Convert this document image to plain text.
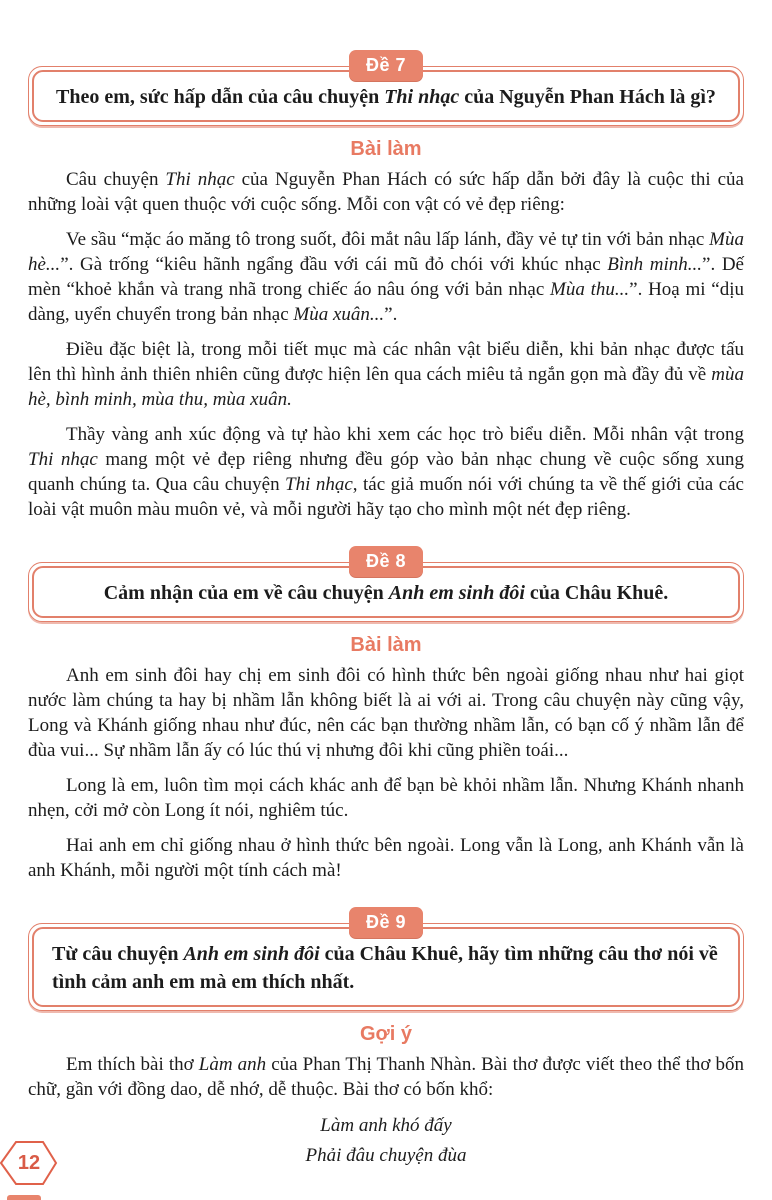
Đề 7

Theo em, sức hấp dẫn của câu chuyện Thi nhạc của Nguyễn Phan Hách là gì?

Bài làm

Câu chuyện Thi nhạc của Nguyễn Phan Hách có sức hấp dẫn bởi đây là cuộc thi của những loài vật quen thuộc với cuộc sống. Mỗi con vật có vẻ đẹp riêng:

Ve sầu “mặc áo măng tô trong suốt, đôi mắt nâu lấp lánh, đầy vẻ tự tin với bản nhạc Mùa hè...”. Gà trống “kiêu hãnh ngẩng đầu với cái mũ đỏ chói với khúc nhạc Bình minh...”. Dế mèn “khoẻ khắn và trang nhã trong chiếc áo nâu óng với bản nhạc Mùa thu...”. Hoạ mi “dịu dàng, uyển chuyển trong bản nhạc Mùa xuân...”.

Điều đặc biệt là, trong mỗi tiết mục mà các nhân vật biểu diễn, khi bản nhạc được tấu lên thì hình ảnh thiên nhiên cũng được hiện lên qua cách miêu tả ngắn gọn mà đầy đủ về mùa hè, bình minh, mùa thu, mùa xuân.

Thầy vàng anh xúc động và tự hào khi xem các học trò biểu diễn. Mỗi nhân vật trong Thi nhạc mang một vẻ đẹp riêng nhưng đều góp vào bản nhạc chung về cuộc sống xung quanh chúng ta. Qua câu chuyện Thi nhạc, tác giả muốn nói với chúng ta về thế giới của các loài vật muôn màu muôn vẻ, và mỗi người hãy tạo cho mình một nét đẹp riêng.

Đề 8

Cảm nhận của em về câu chuyện Anh em sinh đôi của Châu Khuê.

Bài làm

Anh em sinh đôi hay chị em sinh đôi có hình thức bên ngoài giống nhau như hai giọt nước làm chúng ta hay bị nhầm lẫn không biết là ai với ai. Trong câu chuyện này cũng vậy, Long và Khánh giống nhau như đúc, nên các bạn thường nhầm lẫn, có bạn cố ý nhầm lẫn để đùa vui... Sự nhầm lẫn ấy có lúc thú vị nhưng đôi khi cũng phiền toái...

Long là em, luôn tìm mọi cách khác anh để bạn bè khỏi nhầm lẫn. Nhưng Khánh nhanh nhẹn, cởi mở còn Long ít nói, nghiêm túc.

Hai anh em chỉ giống nhau ở hình thức bên ngoài. Long vẫn là Long, anh Khánh vẫn là anh Khánh, mỗi người một tính cách mà!

Đề 9

Từ câu chuyện Anh em sinh đôi của Châu Khuê, hãy tìm những câu thơ nói về tình cảm anh em mà em thích nhất.

Gợi ý

Em thích bài thơ Làm anh của Phan Thị Thanh Nhàn. Bài thơ được viết theo thể thơ bốn chữ, gần với đồng dao, dễ nhớ, dễ thuộc. Bài thơ có bốn khổ:

Làm anh khó đấy

Phải đâu chuyện đùa

12
